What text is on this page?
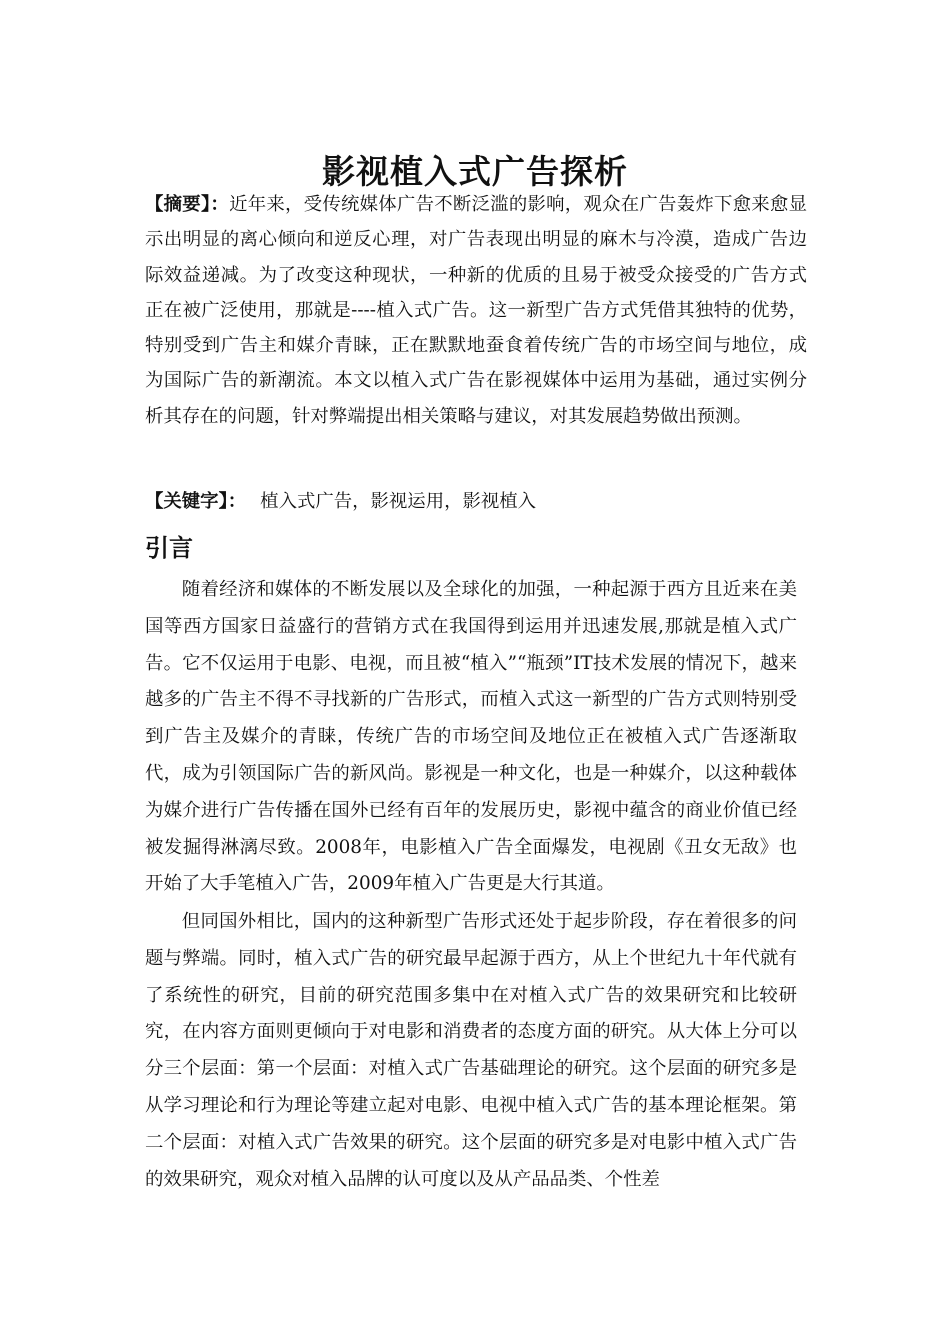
影视植入式广告探析

【摘要】：近年来，受传统媒体广告不断泛滥的影响，观众在广告轰炸下愈来愈显示出明显的离心倾向和逆反心理，对广告表现出明显的麻木与冷漠，造成广告边际效益递减。为了改变这种现状，一种新的优质的且易于被受众接受的广告方式正在被广泛使用，那就是----植入式广告。这一新型广告方式凭借其独特的优势，特别受到广告主和媒介青睐，正在默默地蚕食着传统广告的市场空间与地位，成为国际广告的新潮流。本文以植入式广告在影视媒体中运用为基础，通过实例分析其存在的问题，针对弊端提出相关策略与建议，对其发展趋势做出预测。

【关键字】： 植入式广告，影视运用，影视植入

引言

随着经济和媒体的不断发展以及全球化的加强，一种起源于西方且近来在美国等西方国家日益盛行的营销方式在我国得到运用并迅速发展,那就是植入式广告。它不仅运用于电影、电视，而且被“植入”“瓶颈”IT技术发展的情况下，越来越多的广告主不得不寻找新的广告形式，而植入式这一新型的广告方式则特别受到广告主及媒介的青睐，传统广告的市场空间及地位正在被植入式广告逐渐取代，成为引领国际广告的新风尚。影视是一种文化，也是一种媒介，以这种载体为媒介进行广告传播在国外已经有百年的发展历史，影视中蕴含的商业价值已经被发掘得淋漓尽致。2008年，电影植入广告全面爆发，电视剧《丑女无敌》也开始了大手笔植入广告，2009年植入广告更是大行其道。

但同国外相比，国内的这种新型广告形式还处于起步阶段，存在着很多的问题与弊端。同时，植入式广告的研究最早起源于西方，从上个世纪九十年代就有了系统性的研究，目前的研究范围多集中在对植入式广告的效果研究和比较研究，在内容方面则更倾向于对电影和消费者的态度方面的研究。从大体上分可以分三个层面：第一个层面：对植入式广告基础理论的研究。这个层面的研究多是从学习理论和行为理论等建立起对电影、电视中植入式广告的基本理论框架。第二个层面：对植入式广告效果的研究。这个层面的研究多是对电影中植入式广告的效果研究，观众对植入品牌的认可度以及从产品品类、个性差
